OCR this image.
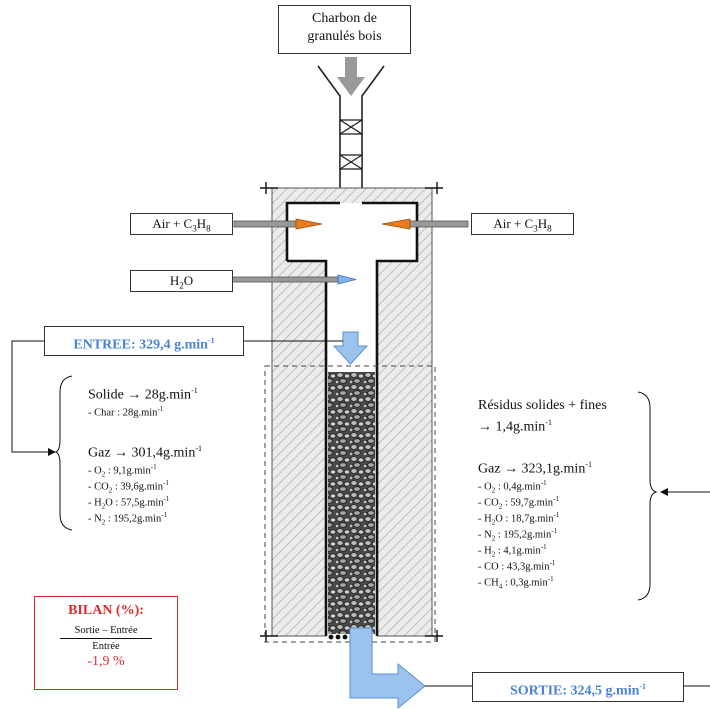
Charbon de
granulés bois
Air + $C_3H_8$	Air + $C_3H_8$
$H_2O$
ENTREE: 329,4 $g.\min^{-1}$
Solide → $28g.\min^{-1}$
- Char : $28g.\min^{-1}$
Gaz → $301,4g.\min^{-1}$
- $O_2$ : $9,1g.\min^{-1}$
- $CO_2$ : $39,6g.\min^{-1}$
- $H_2O$ : $57,5g.\min^{-1}$
- $N_2$ : $195,2g.\min^{-1}$
Résidus solides + fines
→ $1,4g.\min^{-1}$
Gaz → $323,1g.\min^{-1}$
- $O_2$ : $0,4g.\min^{-1}$
- $CO_2$ : $59,7g.\min^{-1}$
- $H_2O$ : $18,7g.\min^{-1}$
- $N_2$ : $195,2g.\min^{-1}$
- $H_2$ : $4,1g.\min^{-1}$
- CO : $43,3g.\min^{-1}$
- $CH_4$ : $0,3g.\min^{-1}$
SORTIE: 324,5 $g.\min^{-1}$
BILAN (%):
Sortie – Entrée
Entrée
-1,9 %
